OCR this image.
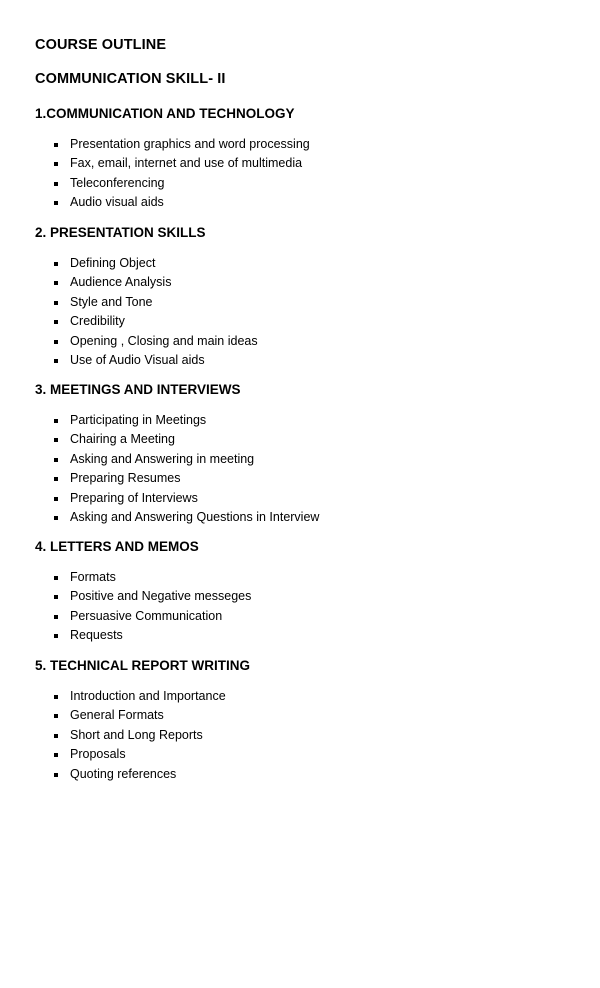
COURSE OUTLINE
COMMUNICATION SKILL- II
1.COMMUNICATION AND TECHNOLOGY
Presentation graphics and word processing
Fax, email, internet and use of multimedia
Teleconferencing
Audio visual aids
2. PRESENTATION SKILLS
Defining Object
Audience Analysis
Style and Tone
Credibility
Opening , Closing and main ideas
Use of Audio Visual aids
3. MEETINGS AND INTERVIEWS
Participating in Meetings
Chairing a Meeting
Asking and Answering in meeting
Preparing Resumes
Preparing of Interviews
Asking and Answering Questions in Interview
4. LETTERS AND MEMOS
Formats
Positive and Negative messeges
Persuasive Communication
Requests
5. TECHNICAL REPORT WRITING
Introduction and Importance
General Formats
Short and Long Reports
Proposals
Quoting references
